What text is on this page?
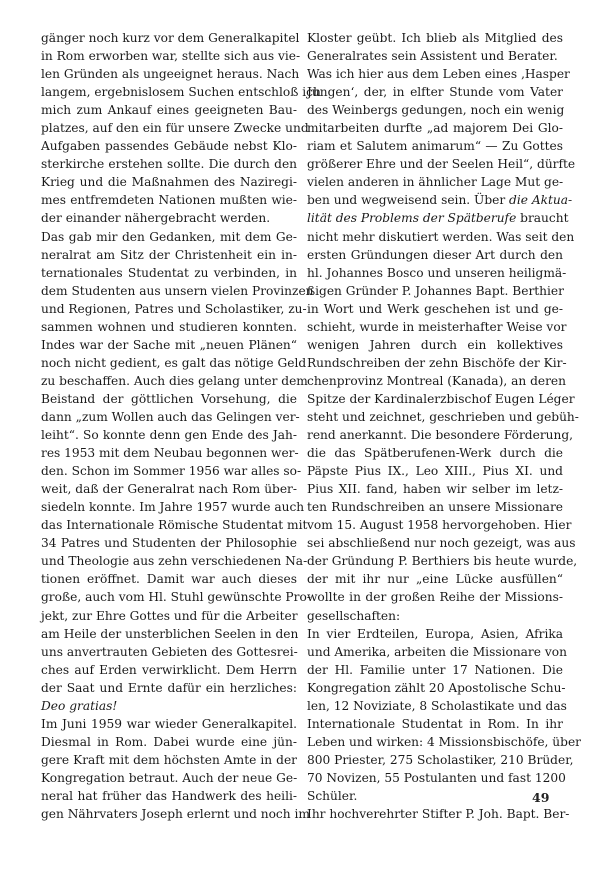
gänger noch kurz vor dem Generalkapitel
in Rom erworben war, stellte sich aus vie-
len Gründen als ungeeignet heraus. Nach
langem, ergebnislosem Suchen entschloß ich
mich zum Ankauf eines geeigneten Bau-
platzes, auf den ein für unsere Zwecke und
Aufgaben passendes Gebäude nebst Klo-
sterkirche erstehen sollte. Die durch den
Krieg und die Maßnahmen des Naziregi-
mes entfremdeten Nationen mußten wie-
der einander nähergebracht werden.
Das gab mir den Gedanken, mit dem Ge-
neralrat am Sitz der Christenheit ein in-
ternationales Studentat zu verbinden, in
dem Studenten aus unsern vielen Provinzen
und Regionen, Patres und Scholastiker, zu-
sammen wohnen und studieren konnten.
Indes war der Sache mit „neuen Plänen“
noch nicht gedient, es galt das nötige Geld
zu beschaffen. Auch dies gelang unter dem
Beistand der göttlichen Vorsehung, die
dann „zum Wollen auch das Gelingen ver-
leiht“. So konnte denn gen Ende des Jah-
res 1953 mit dem Neubau begonnen wer-
den. Schon im Sommer 1956 war alles so-
weit, daß der Generalrat nach Rom über-
siedeln konnte. Im Jahre 1957 wurde auch
das Internationale Römische Studentat mit
34 Patres und Studenten der Philosophie
und Theologie aus zehn verschiedenen Na-
tionen eröffnet. Damit war auch dieses
große, auch vom Hl. Stuhl gewünschte Pro-
jekt, zur Ehre Gottes und für die Arbeiter
am Heile der unsterblichen Seelen in den
uns anvertrauten Gebieten des Gottesrei-
ches auf Erden verwirklicht. Dem Herrn
der Saat und Ernte dafür ein herzliches:
Deo gratias!
Im Juni 1959 war wieder Generalkapitel.
Diesmal in Rom. Dabei wurde eine jün-
gere Kraft mit dem höchsten Amte in der
Kongregation betraut. Auch der neue Ge-
neral hat früher das Handwerk des heili-
gen Nährvaters Joseph erlernt und noch im
Kloster geübt. Ich blieb als Mitglied des
Generalrates sein Assistent und Berater.
Was ich hier aus dem Leben eines ‚Hasper
Jungen‘, der, in elfter Stunde vom Vater
des Weinbergs gedungen, noch ein wenig
mitarbeiten durfte „ad majorem Dei Glo-
riam et Salutem animarum“ — Zu Gottes
größerer Ehre und der Seelen Heil“, dürfte
vielen anderen in ähnlicher Lage Mut ge-
ben und wegweisend sein. Über die Aktua-
lität des Problems der Spätberufe braucht
nicht mehr diskutiert werden. Was seit den
ersten Gründungen dieser Art durch den
hl. Johannes Bosco und unseren heiligmä-
ßigen Gründer P. Johannes Bapt. Berthier
in Wort und Werk geschehen ist und ge-
schieht, wurde in meisterhafter Weise vor
wenigen Jahren durch ein kollektives
Rundschreiben der zehn Bischöfe der Kir-
chenprovinz Montreal (Kanada), an deren
Spitze der Kardinalerzbischof Eugen Léger
steht und zeichnet, geschrieben und gebüh-
rend anerkannt. Die besondere Förderung,
die das Spätberufenen-Werk durch die
Päpste Pius IX., Leo XIII., Pius XI. und
Pius XII. fand, haben wir selber im letz-
ten Rundschreiben an unsere Missionare
vom 15. August 1958 hervorgehoben. Hier
sei abschließend nur noch gezeigt, was aus
der Gründung P. Berthiers bis heute wurde,
der mit ihr nur „eine Lücke ausfüllen“
wollte in der großen Reihe der Missions-
gesellschaften:
In vier Erdteilen, Europa, Asien, Afrika
und Amerika, arbeiten die Missionare von
der Hl. Familie unter 17 Nationen. Die
Kongregation zählt 20 Apostolische Schu-
len, 12 Noviziate, 8 Scholastikate und das
Internationale Studentat in Rom. In ihr
Leben und wirken: 4 Missionsbischöfe, über
800 Priester, 275 Scholastiker, 210 Brüder,
70 Novizen, 55 Postulanten und fast 1200
Schüler.
Ihr hochverehrter Stifter P. Joh. Bapt. Ber-
49
